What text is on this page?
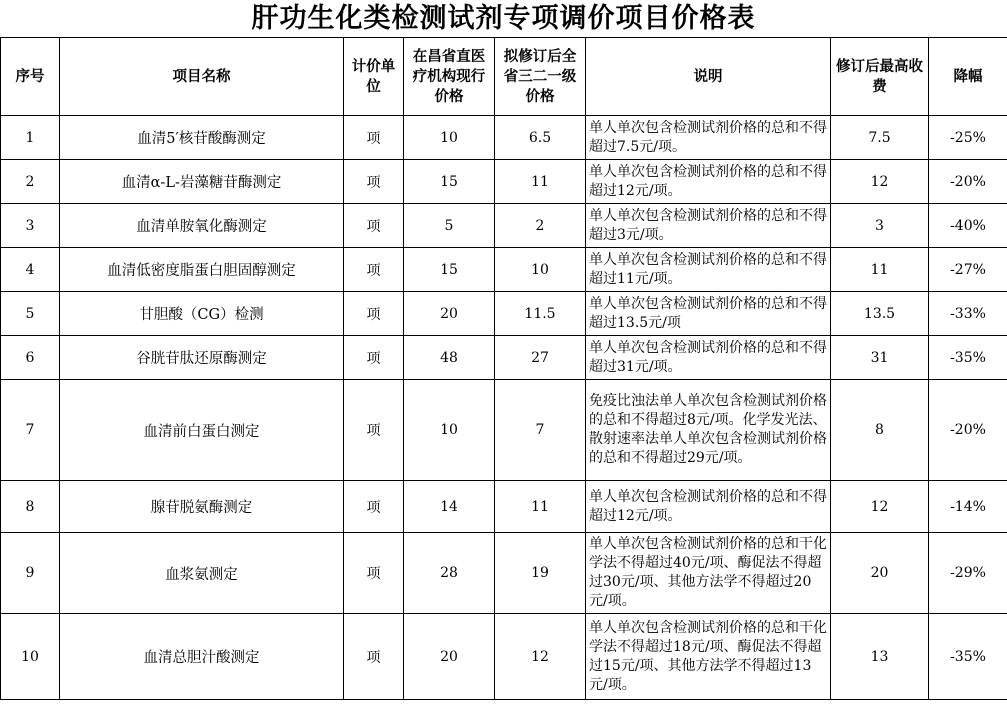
肝功生化类检测试剂专项调价项目价格表
序号	项目名称	计价单位	在昌省直医疗机构现行价格	拟修订后全省三二一级价格	说明	修订后最高收费	降幅
1	血清5′核苷酸酶测定	项	10	6.5	单人单次包含检测试剂价格的总和不得超过7.5元/项。	7.5	-25%
2	血清α-L-岩藻糖苷酶测定	项	15	11	单人单次包含检测试剂价格的总和不得超过12元/项。	12	-20%
3	血清单胺氧化酶测定	项	5	2	单人单次包含检测试剂价格的总和不得超过3元/项。	3	-40%
4	血清低密度脂蛋白胆固醇测定	项	15	10	单人单次包含检测试剂价格的总和不得超过11元/项。	11	-27%
5	甘胆酸（CG）检测	项	20	11.5	单人单次包含检测试剂价格的总和不得超过13.5元/项	13.5	-33%
6	谷胱苷肽还原酶测定	项	48	27	单人单次包含检测试剂价格的总和不得超过31元/项。	31	-35%
7	血清前白蛋白测定	项	10	7	免疫比浊法单人单次包含检测试剂价格的总和不得超过8元/项。化学发光法、散射速率法单人单次包含检测试剂价格的总和不得超过29元/项。	8	-20%
8	腺苷脱氨酶测定	项	14	11	单人单次包含检测试剂价格的总和不得超过12元/项。	12	-14%
9	血浆氨测定	项	28	19	单人单次包含检测试剂价格的总和干化学法不得超过40元/项、酶促法不得超过30元/项、其他方法学不得超过20元/项。	20	-29%
10	血清总胆汁酸测定	项	20	12	单人单次包含检测试剂价格的总和干化学法不得超过18元/项、酶促法不得超过15元/项、其他方法学不得超过13元/项。	13	-35%
